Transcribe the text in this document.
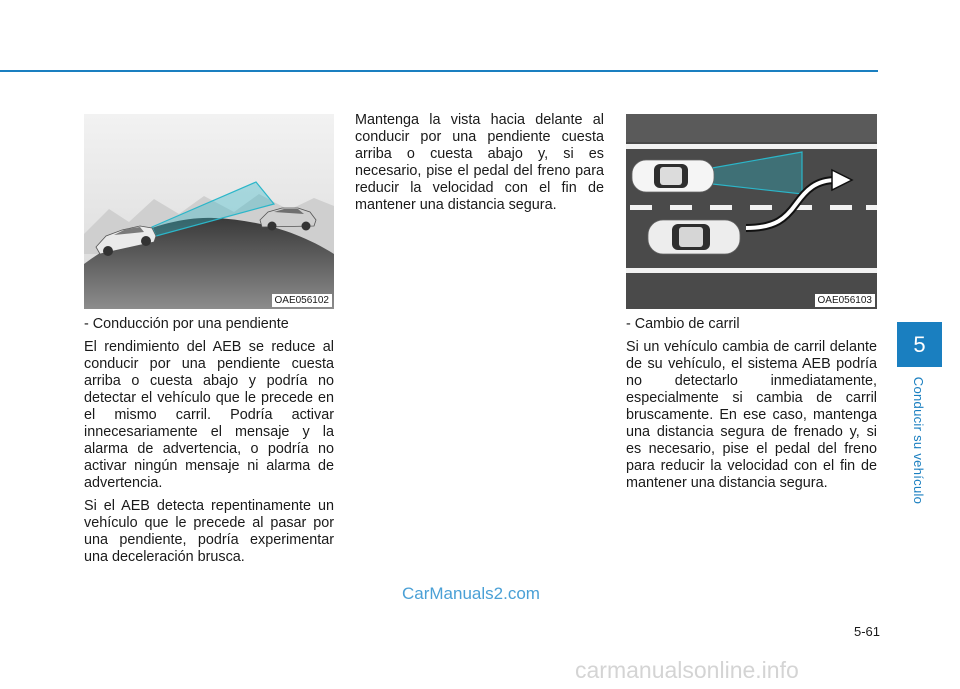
OAE056102	OAE056103

- Conducción por una pendiente

El rendimiento del AEB se reduce al conducir por una pendiente cuesta arriba o cuesta abajo y podría no detectar el vehículo que le precede en el mismo carril. Podría activar innecesariamente el mensaje y la alarma de advertencia, o podría no activar ningún mensaje ni alarma de advertencia.

Si el AEB detecta repentinamente un vehículo que le precede al pasar por una pendiente, podría experimentar una deceleración brusca.

Mantenga la vista hacia delante al conducir por una pendiente cuesta arriba o cuesta abajo y, si es necesario, pise el pedal del freno para reducir la velocidad con el fin de mantener una distancia segura.

- Cambio de carril

Si un vehículo cambia de carril delante de su vehículo, el sistema AEB podría no detectarlo inmediatamente, especialmente si cambia de carril bruscamente. En ese caso, mantenga una distancia segura de frenado y, si es necesario, pise el pedal del freno para reducir la velocidad con el fin de mantener una distancia segura.

5
Conducir su vehículo
5-61
CarManuals2.com
carmanualsonline.info
